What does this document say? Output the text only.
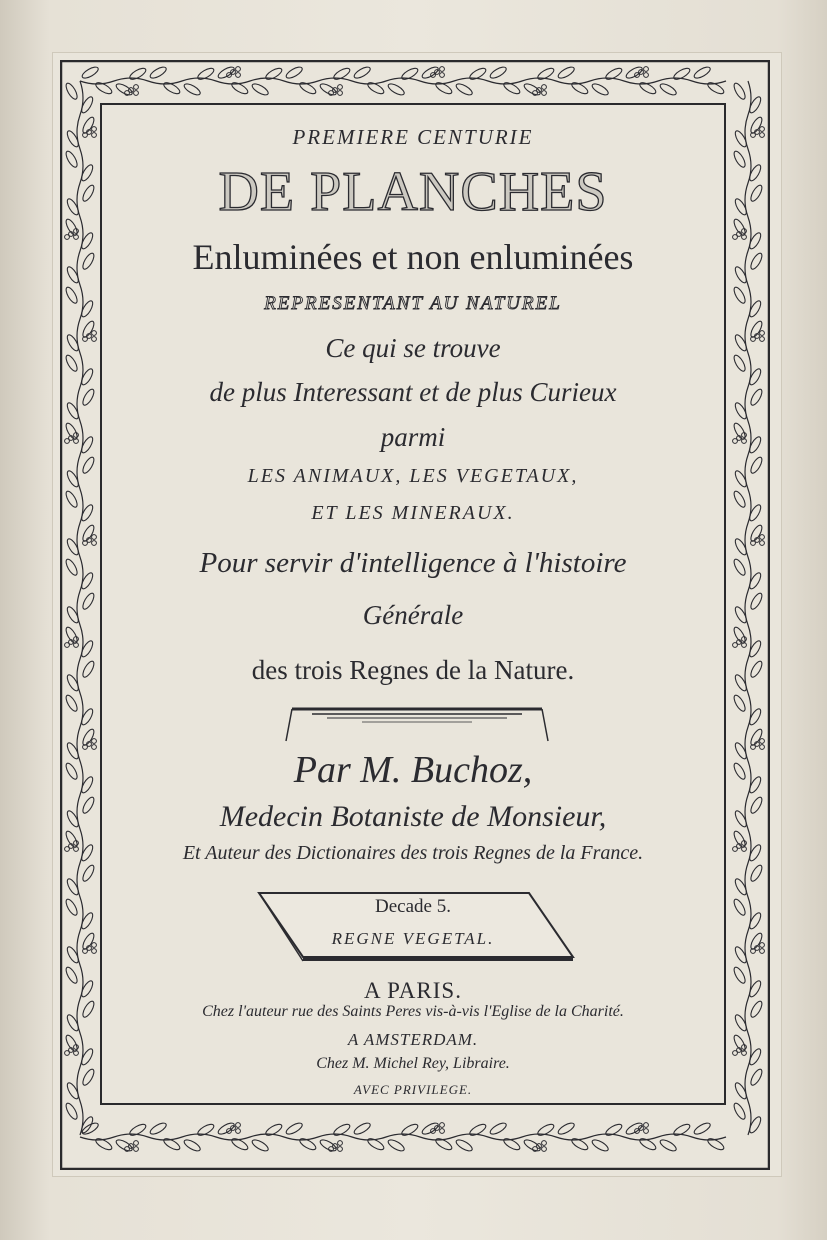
PREMIERE CENTURIE
DE PLANCHES
Enluminées et non enluminées
REPRESENTANT AU NATUREL
Ce qui se trouve
de plus Interessant et de plus Curieux
parmi
LES ANIMAUX, LES VEGETAUX,
ET LES MINERAUX.
Pour servir d'intelligence à l'histoire
Générale
des trois Regnes de la Nature.
Par M. Buchoz,
Medecin Botaniste de Monsieur,
Et Auteur des Dictionaires des trois Regnes de la France.
Decade 5.
REGNE VEGETAL.
A PARIS.
Chez l'auteur rue des Saints Peres vis-à-vis l'Eglise de la Charité.
A AMSTERDAM.
Chez M. Michel Rey, Libraire.
AVEC PRIVILEGE.
